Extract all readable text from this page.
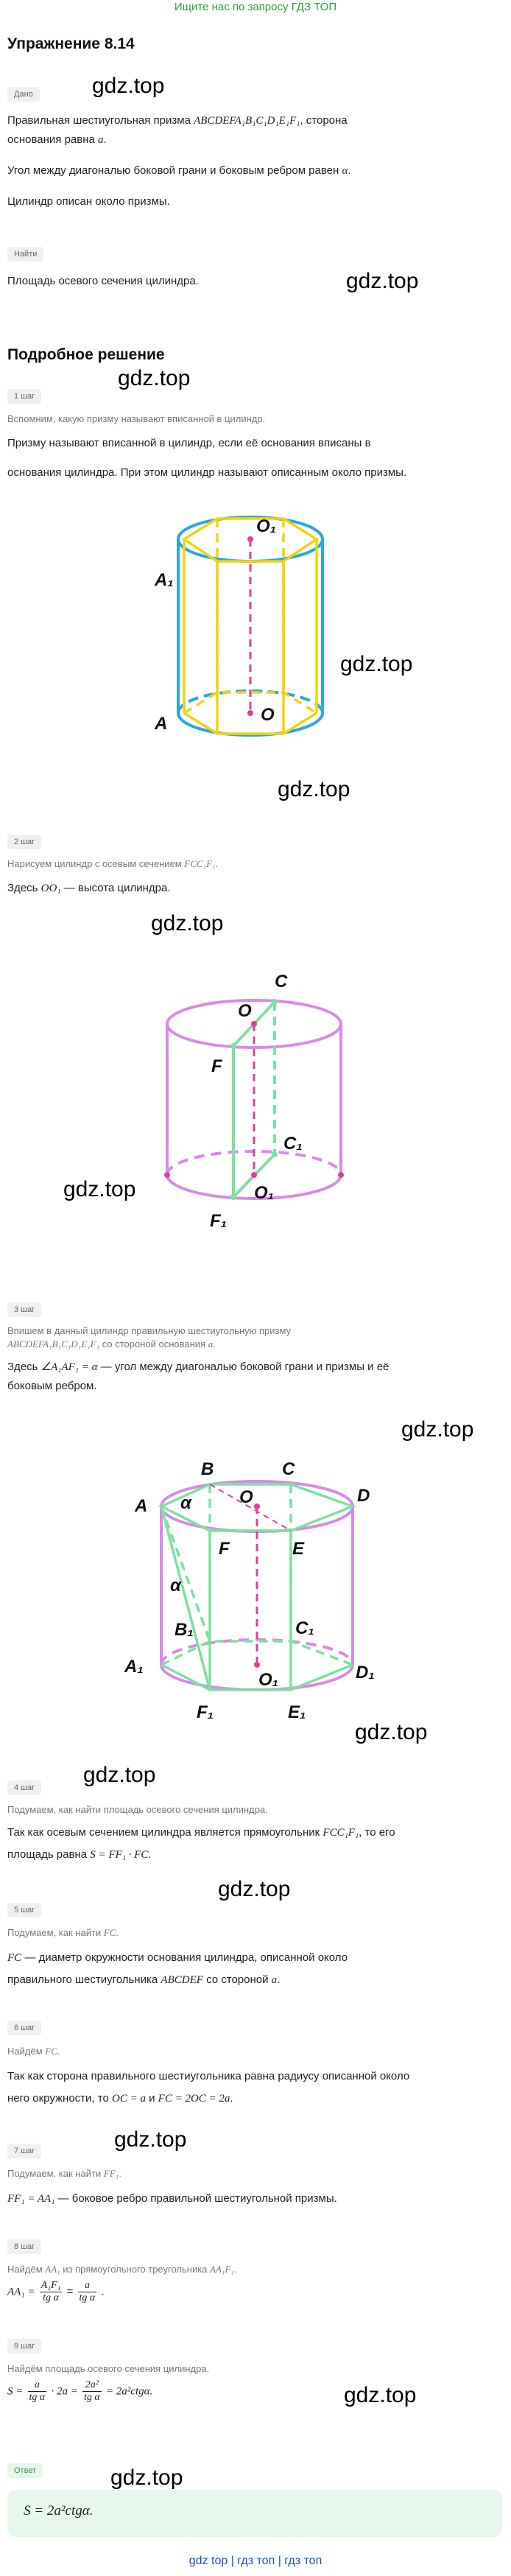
Ищите нас по запросу ГДЗ ТОП
Упражнение 8.14
Дано	gdz.top
Правильная шестиугольная призма ABCDEFA₁B₁C₁D₁E₁F₁, сторона
основания равна a.
Угол между диагональю боковой грани и боковым ребром равен α.
Цилиндр описан около призмы.
Найти
Площадь осевого сечения цилиндра.	gdz.top
Подробное решение
gdz.top
1 шаг
Вспомним, какую призму называют вписанной в цилиндр.
Призму называют вписанной в цилиндр, если её основания вписаны в
основания цилиндра. При этом цилиндр называют описанным около призмы.
O₁
O
A₁
A
gdz.top
gdz.top
2 шаг
Нарисуем цилиндр с осевым сечением FCC₁F₁.
Здесь OO₁ — высота цилиндра.
gdz.top
C
O
F
C₁
O₁
F₁
gdz.top
3 шаг
Впишем в данный цилиндр правильную шестиугольную призму
ABCDEFA₁B₁C₁D₁E₁F₁ со стороной основания a.
Здесь ∠A₁AF₁ = α — угол между диагональю боковой грани и призмы и её
боковым ребром.
gdz.top
A
B	C
D
E
F
O
α
α
A₁
B₁	C₁
D₁
E₁
F₁
O₁
gdz.top
gdz.top
4 шаг
Подумаем, как найти площадь осевого сечения цилиндра.
Так как осевым сечением цилиндра является прямоугольник FCC₁F₁, то его
площадь равна S = FF₁ · FC.
gdz.top
5 шаг
Подумаем, как найти FC.
FC — диаметр окружности основания цилиндра, описанной около
правильного шестиугольника ABCDEF со стороной a.
6 шаг
Найдём FC.
Так как сторона правильного шестиугольника равна радиусу описанной около
него окружности, то OC = a и FC = 2OC = 2a.
gdz.top
7 шаг
Подумаем, как найти FF₁.
FF₁ = AA₁ — боковое ребро правильной шестиугольной призмы.
8 шаг
Найдём AA₁ из прямоугольного треугольника AA₁F₁.
$AA_1 = \frac{\text{A₁F₁}}{\text{tg α}} = \frac{a}{\text{tg α}}$ .
9 шаг
Найдём площадь осевого сечения цилиндра.
$S = \frac{a}{\text{tg α}} \cdot 2a = \frac{\text{2a²}}{\text{tg α}} = 2a^2ctg\alpha$.	gdz.top
Ответ	gdz.top
S = 2a²ctgα.
gdz top | гдз топ | гдз топ
